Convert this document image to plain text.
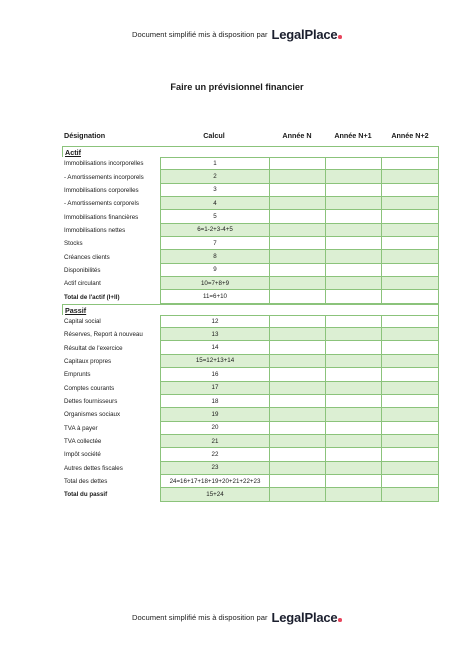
Document simplifié mis à disposition par LegalPlace
Faire un prévisionnel financier
Désignation	Calcul	Année N	Année N+1	Année N+2
Actif
Immobilisations incorporelles	1
- Amortissements incorporels	2
Immobilisations corporelles	3
- Amortissements corporels	4
Immobilisations financières	5
Immobilisations nettes	6=1-2+3-4+5
Stocks	7
Créances clients	8
Disponibilités	9
Actif circulant	10=7+8+9
Total de l'actif (I+II)	11=6+10
Passif
Capital social	12
Réserves, Report à nouveau	13
Résultat de l'exercice	14
Capitaux propres	15=12+13+14
Emprunts	16
Comptes courants	17
Dettes fournisseurs	18
Organismes sociaux	19
TVA à payer	20
TVA collectée	21
Impôt société	22
Autres dettes fiscales	23
Total des dettes	24=16+17+18+19+20+21+22+23
Total du passif	15+24
Document simplifié mis à disposition par LegalPlace
